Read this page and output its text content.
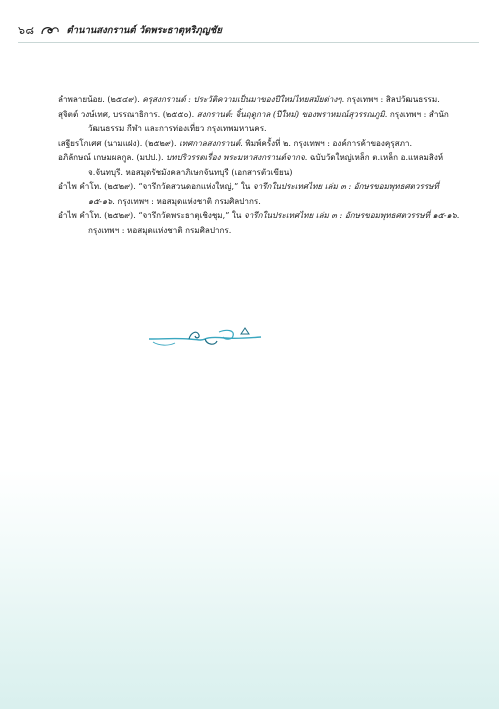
๖๘	ตำนานสงกรานต์ วัดพระธาตุหริภุญชัย
ลำพลายน้อย. (๒๕๔๙). ครุสงกรานต์ : ประวัติความเป็นมาของปีใหม่ไทยสมัยต่างๆ. กรุงเทพฯ : สิลปวัฒนธรรม.
สุจิตต์ วงษ์เทศ, บรรณาธิการ. (๒๕๕๐). สงกรานต์: จิ้นฤดูกาล (ปีใหม่) ของพราหมณ์สุวรรณภูมิ. กรุงเทพฯ : สำนักวัฒนธรรม กีฬา และการท่องเที่ยว กรุงเทพมหานคร.
เสฐียรโกเศศ (นามแฝง). (๒๕๒๙). เทศกาลสงกรานต์. พิมพ์ครั้งที่ ๒. กรุงเทพฯ : องค์การค้าของคุรุสภา.
อภิลักษณ์ เกษมผลกูล. (มปป.). บทปริวรรตเรื่อง พระมหาสงกรานต์จากจ. ฉบับวัดใหญ่เหล็ก ต.เหล็ก อ.แหลมสิงห์ จ.จันทบุรี. หอสมุดรัชมังคลาภิเษกจันทบุรี (เอกสารตัวเขียน)
อำไพ คำโท. (๒๕๒๙). “จารึกวัดสวนดอกแห่งใหญ่,” ใน จารึกในประเทศไทย เล่ม ๓ : อักษรขอมพุทธศตวรรษที่ ๑๕-๑๖. กรุงเทพฯ : หอสมุดแห่งชาติ กรมศิลปากร.
อำไพ คำโท. (๒๕๒๙). “จารึกวัดพระธาตุเชิงชุม,” ใน จารึกในประเทศไทย เล่ม ๓ : อักษรขอมพุทธศตวรรษที่ ๑๕-๑๖. กรุงเทพฯ : หอสมุดแห่งชาติ กรมศิลปากร.
